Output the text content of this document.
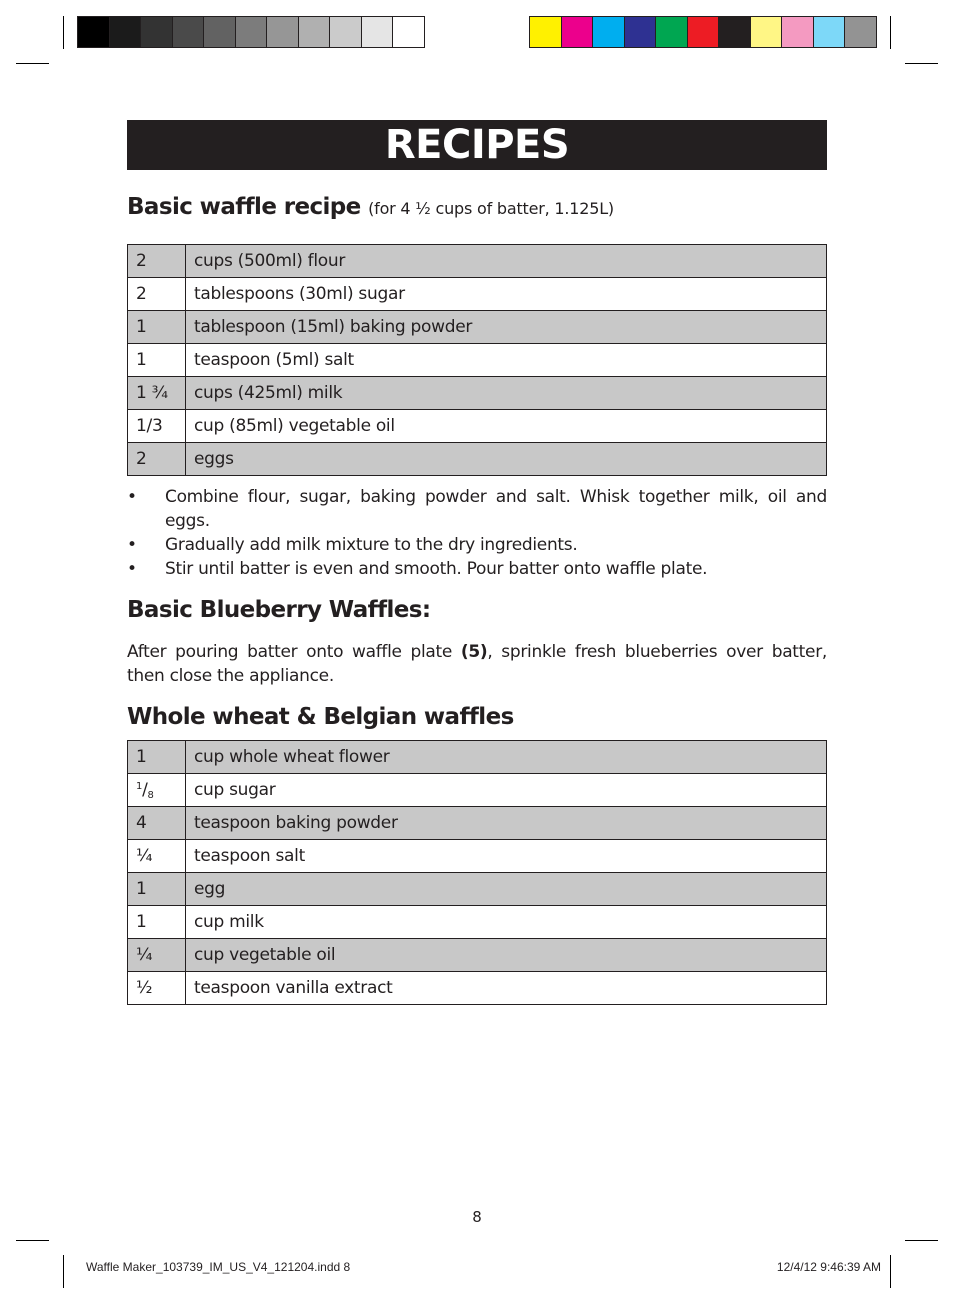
RECIPES
Basic waffle recipe (for 4 ½ cups of batter, 1.125L)
2	cups (500ml) flour
2	tablespoons (30ml) sugar
1	tablespoon (15ml) baking powder
1	teaspoon (5ml) salt
1 ¾	cups (425ml) milk
1/3	cup (85ml) vegetable oil
2	eggs
• Combine flour, sugar, baking powder and salt. Whisk together milk, oil and eggs.
• Gradually add milk mixture to the dry ingredients.
• Stir until batter is even and smooth. Pour batter onto waffle plate.
Basic Blueberry Waffles:
After pouring batter onto waffle plate (5), sprinkle fresh blueberries over batter, then close the appliance.
Whole wheat & Belgian waffles
1	cup whole wheat flower
$^1/_8$	cup sugar
4	teaspoon baking powder
¼	teaspoon salt
1	egg
1	cup milk
¼	cup vegetable oil
½	teaspoon vanilla extract
8
Waffle Maker_103739_IM_US_V4_121204.indd 8	12/4/12 9:46:39 AM
